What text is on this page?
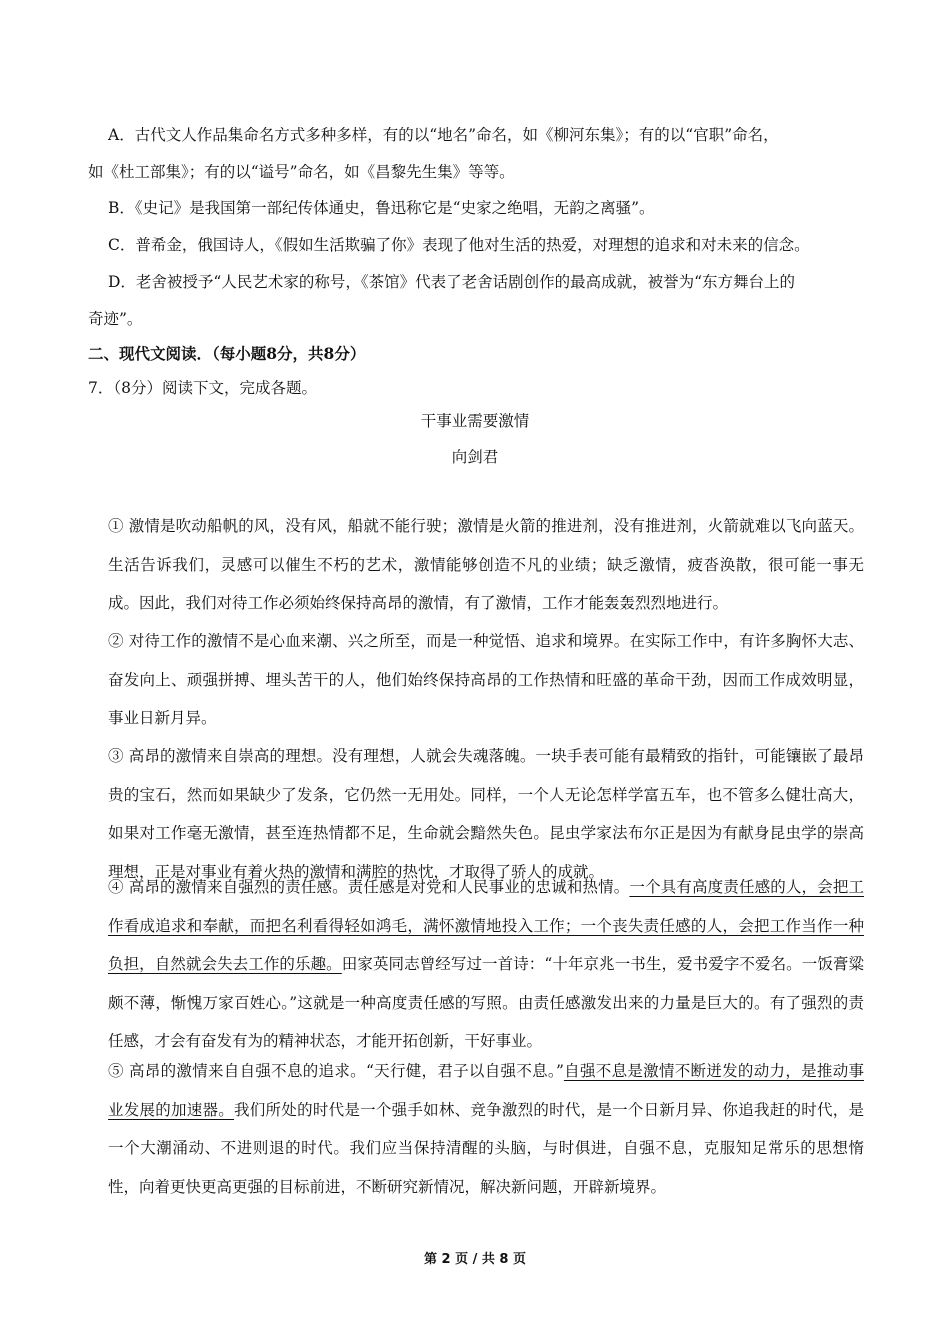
A．古代文人作品集命名方式多种多样，有的以“地名”命名，如《柳河东集》；有的以“官职”命名，
如《杜工部集》；有的以“谥号”命名，如《昌黎先生集》等等。
B．《史记》是我国第一部纪传体通史，鲁迅称它是“史家之绝唱，无韵之离骚”。
C．普希金，俄国诗人，《假如生活欺骗了你》表现了他对生活的热爱，对理想的追求和对未来的信念。
D．老舍被授予“人民艺术家的称号，《茶馆》代表了老舍话剧创作的最高成就，被誉为“东方舞台上的
奇迹”。
二、现代文阅读．（每小题8分，共8分）
7．（8分）阅读下文，完成各题。
干事业需要激情
向剑君
① 激情是吹动船帆的风，没有风，船就不能行驶；激情是火箭的推进剂，没有推进剂，火箭就难以飞向蓝天。生活告诉我们，灵感可以催生不朽的艺术，激情能够创造不凡的业绩；缺乏激情，疲沓涣散，很可能一事无成。因此，我们对待工作必须始终保持高昂的激情，有了激情，工作才能轰轰烈烈地进行。
② 对待工作的激情不是心血来潮、兴之所至，而是一种觉悟、追求和境界。在实际工作中，有许多胸怀大志、奋发向上、顽强拼搏、埋头苦干的人，他们始终保持高昂的工作热情和旺盛的革命干劲，因而工作成效明显，事业日新月异。
③ 高昂的激情来自崇高的理想。没有理想，人就会失魂落魄。一块手表可能有最精致的指针，可能镶嵌了最昂贵的宝石，然而如果缺少了发条，它仍然一无用处。同样，一个人无论怎样学富五车，也不管多么健壮高大，如果对工作毫无激情，甚至连热情都不足，生命就会黯然失色。昆虫学家法布尔正是因为有献身昆虫学的崇高理想，正是对事业有着火热的激情和满腔的热忱，才取得了骄人的成就。
④ 高昂的激情来自强烈的责任感。责任感是对党和人民事业的忠诚和热情。一个具有高度责任感的人，会把工作看成追求和奉献，而把名利看得轻如鸿毛，满怀激情地投入工作；一个丧失责任感的人，会把工作当作一种负担，自然就会失去工作的乐趣。田家英同志曾经写过一首诗：“十年京兆一书生，爱书爱字不爱名。一饭膏粱颇不薄，惭愧万家百姓心。”这就是一种高度责任感的写照。由责任感激发出来的力量是巨大的。有了强烈的责任感，才会有奋发有为的精神状态，才能开拓创新，干好事业。
⑤ 高昂的激情来自自强不息的追求。“天行健，君子以自强不息。”自强不息是激情不断迸发的动力，是推动事业发展的加速器。我们所处的时代是一个强手如林、竞争激烈的时代，是一个日新月异、你追我赶的时代，是一个大潮涌动、不进则退的时代。我们应当保持清醒的头脑，与时俱进，自强不息，克服知足常乐的思想惰性，向着更快更高更强的目标前进，不断研究新情况，解决新问题，开辟新境界。
第 2 页 / 共 8 页
